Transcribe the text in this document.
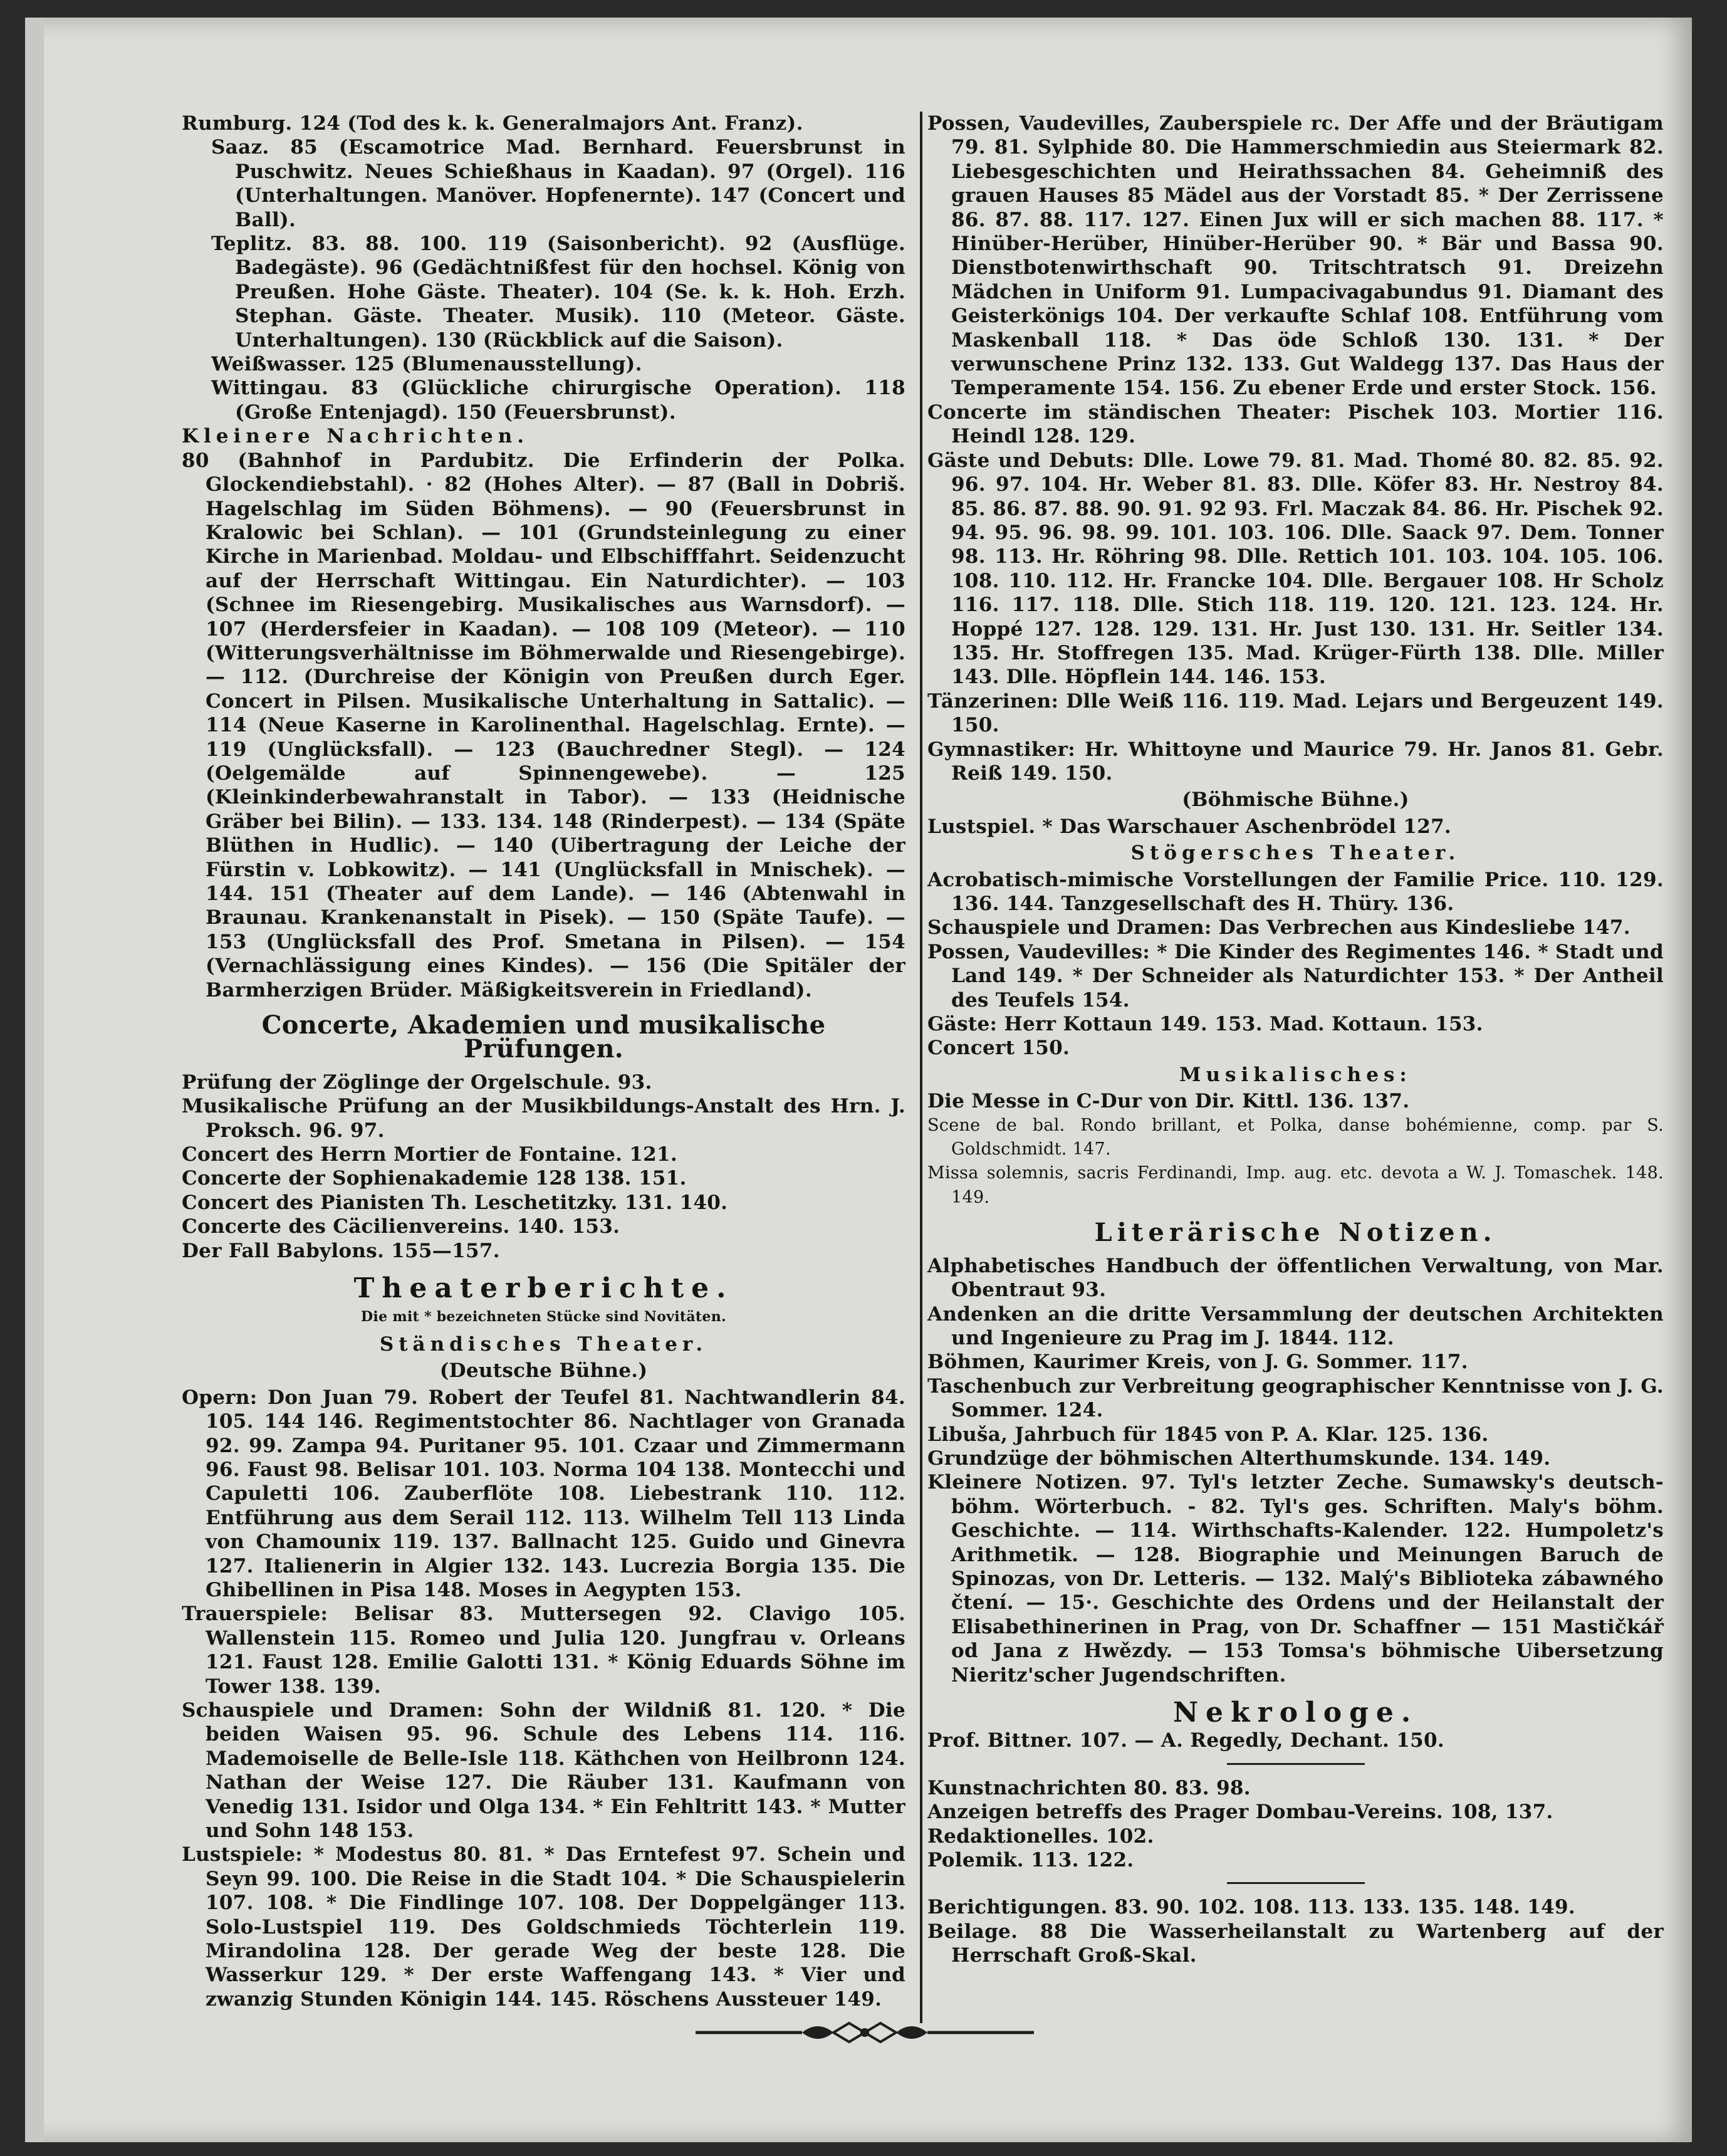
Rumburg. 124 (Tod des k. k. Generalmajors Ant. Franz).

Saaz. 85 (Escamotrice Mad. Bernhard. Feuersbrunst in Puschwitz. Neues Schießhaus in Kaadan). 97 (Orgel). 116 (Unterhaltungen. Manöver. Hopfenernte). 147 (Concert und Ball).

Teplitz. 83. 88. 100. 119 (Saisonbericht). 92 (Ausflüge. Badegäste). 96 (Gedächtnißfest für den hochsel. König von Preußen. Hohe Gäste. Theater). 104 (Se. k. k. Hoh. Erzh. Stephan. Gäste. Theater. Musik). 110 (Meteor. Gäste. Unterhaltungen). 130 (Rückblick auf die Saison).

Weißwasser. 125 (Blumenausstellung).

Wittingau. 83 (Glückliche chirurgische Operation). 118 (Große Entenjagd). 150 (Feuersbrunst).

Kleinere Nachrichten.

80 (Bahnhof in Pardubitz. Die Erfinderin der Polka. Glockendiebstahl). · 82 (Hohes Alter). — 87 (Ball in Dobriš. Hagelschlag im Süden Böhmens). — 90 (Feuersbrunst in Kralowic bei Schlan). — 101 (Grundsteinlegung zu einer Kirche in Marienbad. Moldau- und Elbschifffahrt. Seidenzucht auf der Herrschaft Wittingau. Ein Naturdichter). — 103 (Schnee im Riesengebirg. Musikalisches aus Warnsdorf). — 107 (Herdersfeier in Kaadan). — 108 109 (Meteor). — 110 (Witterungsverhältnisse im Böhmerwalde und Riesengebirge). — 112. (Durchreise der Königin von Preußen durch Eger. Concert in Pilsen. Musikalische Unterhaltung in Sattalic). — 114 (Neue Kaserne in Karolinenthal. Hagelschlag. Ernte). — 119 (Unglücksfall). — 123 (Bauchredner Stegl). — 124 (Oelgemälde auf Spinnengewebe). — 125 (Kleinkinderbewahranstalt in Tabor). — 133 (Heidnische Gräber bei Bilin). — 133. 134. 148 (Rinderpest). — 134 (Späte Blüthen in Hudlic). — 140 (Uibertragung der Leiche der Fürstin v. Lobkowitz). — 141 (Unglücksfall in Mnischek). — 144. 151 (Theater auf dem Lande). — 146 (Abtenwahl in Braunau. Krankenanstalt in Pisek). — 150 (Späte Taufe). — 153 (Unglücksfall des Prof. Smetana in Pilsen). — 154 (Vernachlässigung eines Kindes). — 156 (Die Spitäler der Barmherzigen Brüder. Mäßigkeitsverein in Friedland).

Concerte, Akademien und musikalische Prüfungen.

Prüfung der Zöglinge der Orgelschule. 93.

Musikalische Prüfung an der Musikbildungs-Anstalt des Hrn. J. Proksch. 96. 97.

Concert des Herrn Mortier de Fontaine. 121.

Concerte der Sophienakademie 128 138. 151.

Concert des Pianisten Th. Leschetitzky. 131. 140.

Concerte des Cäcilienvereins. 140. 153.

Der Fall Babylons. 155—157.

Theaterberichte.
Die mit * bezeichneten Stücke sind Novitäten.
Ständisches Theater.
(Deutsche Bühne.)

Opern: Don Juan 79. Robert der Teufel 81. Nachtwandlerin 84. 105. 144 146. Regimentstochter 86. Nachtlager von Granada 92. 99. Zampa 94. Puritaner 95. 101. Czaar und Zimmermann 96. Faust 98. Belisar 101. 103. Norma 104 138. Montecchi und Capuletti 106. Zauberflöte 108. Liebestrank 110. 112. Entführung aus dem Serail 112. 113. Wilhelm Tell 113 Linda von Chamounix 119. 137. Ballnacht 125. Guido und Ginevra 127. Italienerin in Algier 132. 143. Lucrezia Borgia 135. Die Ghibellinen in Pisa 148. Moses in Aegypten 153.

Trauerspiele: Belisar 83. Muttersegen 92. Clavigo 105. Wallenstein 115. Romeo und Julia 120. Jungfrau v. Orleans 121. Faust 128. Emilie Galotti 131. * König Eduards Söhne im Tower 138. 139.

Schauspiele und Dramen: Sohn der Wildniß 81. 120. * Die beiden Waisen 95. 96. Schule des Lebens 114. 116. Mademoiselle de Belle-Isle 118. Käthchen von Heilbronn 124. Nathan der Weise 127. Die Räuber 131. Kaufmann von Venedig 131. Isidor und Olga 134. * Ein Fehltritt 143. * Mutter und Sohn 148 153.

Lustspiele: * Modestus 80. 81. * Das Erntefest 97. Schein und Seyn 99. 100. Die Reise in die Stadt 104. * Die Schauspielerin 107. 108. * Die Findlinge 107. 108. Der Doppelgänger 113. Solo-Lustspiel 119. Des Goldschmieds Töchterlein 119. Mirandolina 128. Der gerade Weg der beste 128. Die Wasserkur 129. * Der erste Waffengang 143. * Vier und zwanzig Stunden Königin 144. 145. Röschens Aussteuer 149.

Possen, Vaudevilles, Zauberspiele rc. Der Affe und der Bräutigam 79. 81. Sylphide 80. Die Hammerschmiedin aus Steiermark 82. Liebesgeschichten und Heirathssachen 84. Geheimniß des grauen Hauses 85 Mädel aus der Vorstadt 85. * Der Zerrissene 86. 87. 88. 117. 127. Einen Jux will er sich machen 88. 117. * Hinüber-Herüber, Hinüber-Herüber 90. * Bär und Bassa 90. Dienstbotenwirthschaft 90. Tritschtratsch 91. Dreizehn Mädchen in Uniform 91. Lumpacivagabundus 91. Diamant des Geisterkönigs 104. Der verkaufte Schlaf 108. Entführung vom Maskenball 118. * Das öde Schloß 130. 131. * Der verwunschene Prinz 132. 133. Gut Waldegg 137. Das Haus der Temperamente 154. 156. Zu ebener Erde und erster Stock. 156.

Concerte im ständischen Theater: Pischek 103. Mortier 116. Heindl 128. 129.

Gäste und Debuts: Dlle. Lowe 79. 81. Mad. Thomé 80. 82. 85. 92. 96. 97. 104. Hr. Weber 81. 83. Dlle. Köfer 83. Hr. Nestroy 84. 85. 86. 87. 88. 90. 91. 92 93. Frl. Maczak 84. 86. Hr. Pischek 92. 94. 95. 96. 98. 99. 101. 103. 106. Dlle. Saack 97. Dem. Tonner 98. 113. Hr. Röhring 98. Dlle. Rettich 101. 103. 104. 105. 106. 108. 110. 112. Hr. Francke 104. Dlle. Bergauer 108. Hr Scholz 116. 117. 118. Dlle. Stich 118. 119. 120. 121. 123. 124. Hr. Hoppé 127. 128. 129. 131. Hr. Just 130. 131. Hr. Seitler 134. 135. Hr. Stoffregen 135. Mad. Krüger-Fürth 138. Dlle. Miller 143. Dlle. Höpflein 144. 146. 153.

Tänzerinen: Dlle Weiß 116. 119. Mad. Lejars und Bergeuzent 149. 150.

Gymnastiker: Hr. Whittoyne und Maurice 79. Hr. Janos 81. Gebr. Reiß 149. 150.

(Böhmische Bühne.)

Lustspiel. * Das Warschauer Aschenbrödel 127.

Stögersches Theater.

Acrobatisch-mimische Vorstellungen der Familie Price. 110. 129. 136. 144. Tanzgesellschaft des H. Thüry. 136.

Schauspiele und Dramen: Das Verbrechen aus Kindesliebe 147.

Possen, Vaudevilles: * Die Kinder des Regimentes 146. * Stadt und Land 149. * Der Schneider als Naturdichter 153. * Der Antheil des Teufels 154.

Gäste: Herr Kottaun 149. 153. Mad. Kottaun. 153.

Concert 150.

Musikalisches:

Die Messe in C-Dur von Dir. Kittl. 136. 137.

Scene de bal. Rondo brillant, et Polka, danse bohémienne, comp. par S. Goldschmidt. 147.

Missa solemnis, sacris Ferdinandi, Imp. aug. etc. devota a W. J. Tomaschek. 148. 149.

Literärische Notizen.

Alphabetisches Handbuch der öffentlichen Verwaltung, von Mar. Obentraut 93.

Andenken an die dritte Versammlung der deutschen Architekten und Ingenieure zu Prag im J. 1844. 112.

Böhmen, Kaurimer Kreis, von J. G. Sommer. 117.

Taschenbuch zur Verbreitung geographischer Kenntnisse von J. G. Sommer. 124.

Libuša, Jahrbuch für 1845 von P. A. Klar. 125. 136.

Grundzüge der böhmischen Alterthumskunde. 134. 149.

Kleinere Notizen. 97. Tyl's letzter Zeche. Sumawsky's deutsch-böhm. Wörterbuch. - 82. Tyl's ges. Schriften. Maly's böhm. Geschichte. — 114. Wirthschafts-Kalender. 122. Humpoletz's Arithmetik. — 128. Biographie und Meinungen Baruch de Spinozas, von Dr. Letteris. — 132. Malý's Biblioteka zábawného čtení. — 15·. Geschichte des Ordens und der Heilanstalt der Elisabethinerinen in Prag, von Dr. Schaffner — 151 Mastičkář od Jana z Hwězdy. — 153 Tomsa's böhmische Uibersetzung Nieritz'scher Jugendschriften.

Nekrologe.

Prof. Bittner. 107. — A. Regedly, Dechant. 150.

Kunstnachrichten 80. 83. 98.

Anzeigen betreffs des Prager Dombau-Vereins. 108, 137.

Redaktionelles. 102.

Polemik. 113. 122.

Berichtigungen. 83. 90. 102. 108. 113. 133. 135. 148. 149.

Beilage. 88 Die Wasserheilanstalt zu Wartenberg auf der Herrschaft Groß-Skal.
